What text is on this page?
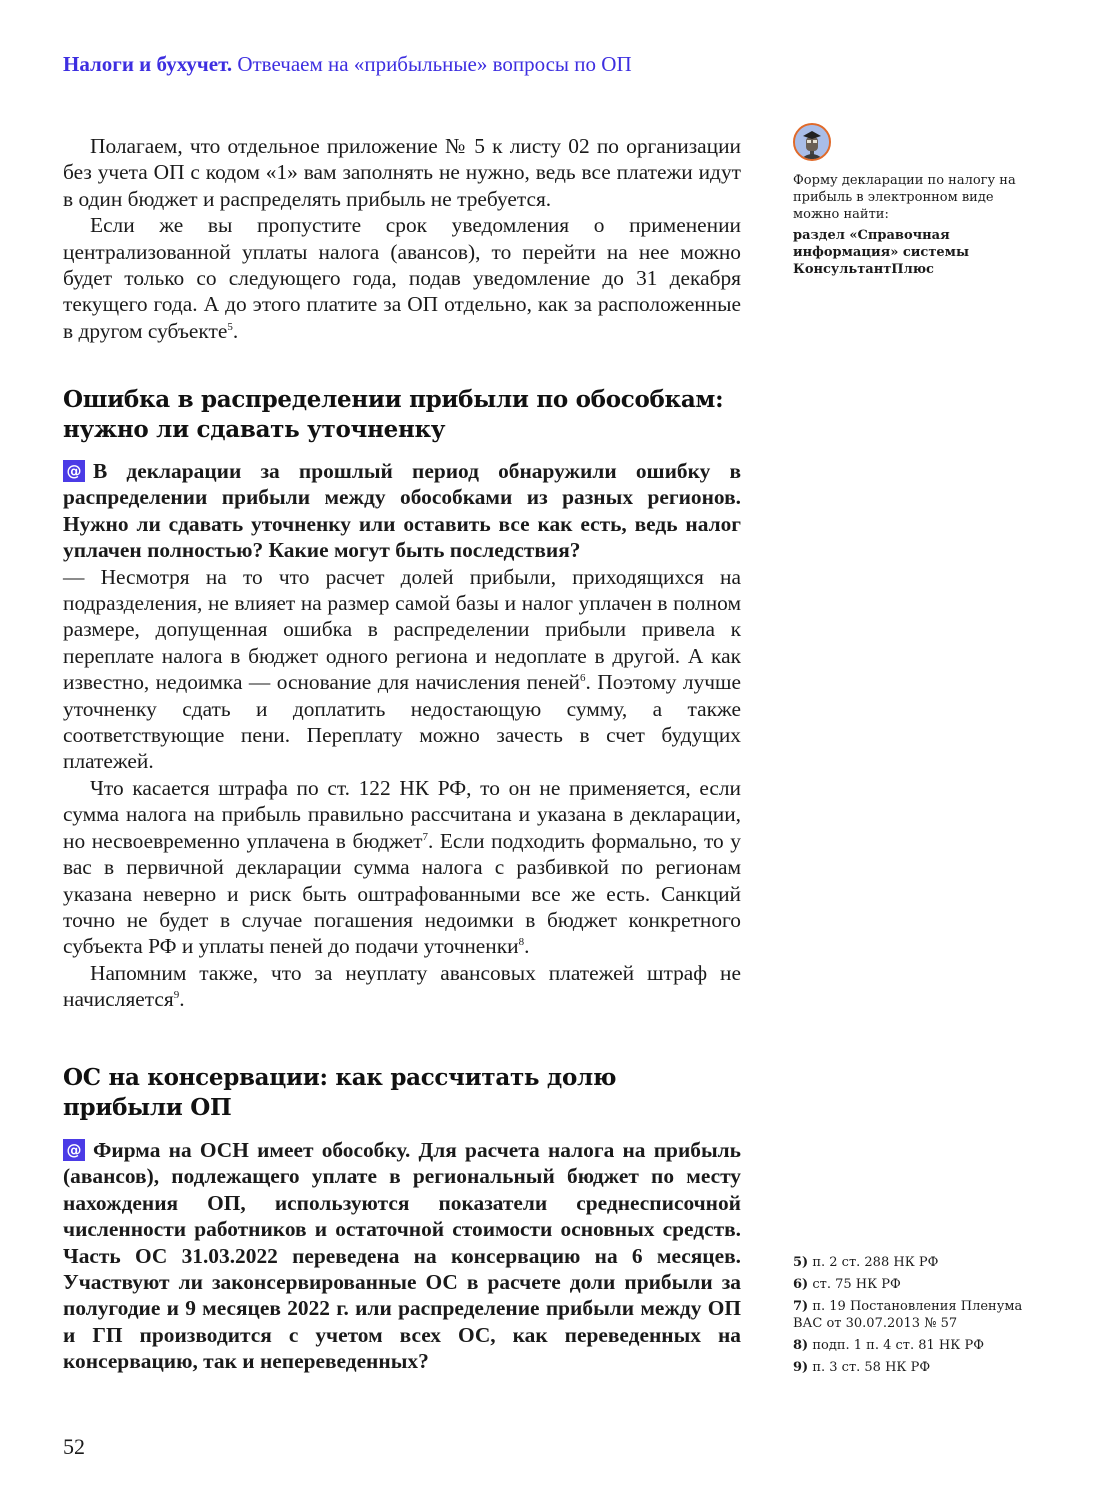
Налоги и бухучет. Отвечаем на «прибыльные» вопросы по ОП

Полагаем, что отдельное приложение № 5 к листу 02 по организации без учета ОП с кодом «1» вам заполнять не нужно, ведь все платежи идут в один бюджет и распределять прибыль не требуется.

Если же вы пропустите срок уведомления о применении централизованной уплаты налога (авансов), то перейти на нее можно будет только со следующего года, подав уведомление до 31 декабря текущего года. А до этого платите за ОП отдельно, как за расположенные в другом субъекте$^5$.

Ошибка в распределении прибыли по обособкам:
нужно ли сдавать уточненку

@ В декларации за прошлый период обнаружили ошибку в распределении прибыли между обособками из разных регионов. Нужно ли сдавать уточненку или оставить все как есть, ведь налог уплачен полностью? Какие могут быть последствия?

— Несмотря на то что расчет долей прибыли, приходящихся на подразделения, не влияет на размер самой базы и налог уплачен в полном размере, допущенная ошибка в распределении прибыли привела к переплате налога в бюджет одного региона и недоплате в другой. А как известно, недоимка — основание для начисления пеней$^6$. Поэтому лучше уточненку сдать и доплатить недостающую сумму, а также соответствующие пени. Переплату можно зачесть в счет будущих платежей.

Что касается штрафа по ст. 122 НК РФ, то он не применяется, если сумма налога на прибыль правильно рассчитана и указана в декларации, но несвоевременно уплачена в бюджет$^7$. Если подходить формально, то у вас в первичной декларации сумма налога с разбивкой по регионам указана неверно и риск быть оштрафованными все же есть. Санкций точно не будет в случае погашения недоимки в бюджет конкретного субъекта РФ и уплаты пеней до подачи уточненки$^8$.

Напомним также, что за неуплату авансовых платежей штраф не начисляется$^9$.

ОС на консервации: как рассчитать долю
прибыли ОП

@ Фирма на ОСН имеет обособку. Для расчета налога на прибыль (авансов), подлежащего уплате в региональный бюджет по месту нахождения ОП, используются показатели среднесписочной численности работников и остаточной стоимости основных средств. Часть ОС 31.03.2022 переведена на консервацию на 6 месяцев. Участвуют ли законсервированные ОС в расчете доли прибыли за полугодие и 9 месяцев 2022 г. или распределение прибыли между ОП и ГП производится с учетом всех ОС, как переведенных на консервацию, так и непереведенных?

Форму декларации по налогу на прибыль в электронном виде можно найти:
раздел «Справочная информация» системы КонсультантПлюс
5) п. 2 ст. 288 НК РФ
6) ст. 75 НК РФ
7) п. 19 Постановления Пленума ВАС от 30.07.2013 № 57
8) подп. 1 п. 4 ст. 81 НК РФ
9) п. 3 ст. 58 НК РФ
52
